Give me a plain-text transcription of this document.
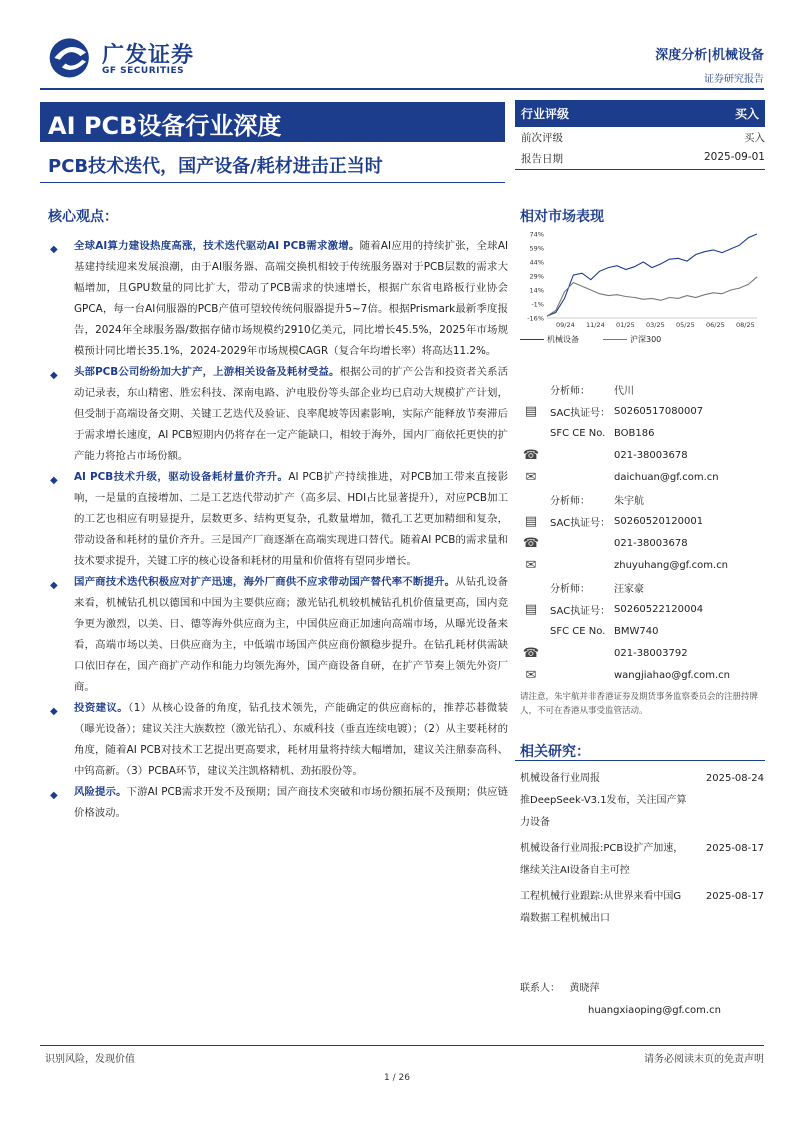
广发证券
GF SECURITIES
深度分析|机械设备
证券研究报告
AI PCB设备行业深度
PCB技术迭代，国产设备/耗材进击正当时
核心观点：
◆ 全球AI算力建设热度高涨，技术迭代驱动AI PCB需求激增。随着AI应用的持续扩张，全球AI基建持续迎来发展浪潮，由于AI服务器、高端交换机相较于传统服务器对于PCB层数的需求大幅增加，且GPU数量的同比扩大，带动了PCB需求的快速增长，根据广东省电路板行业协会GPCA，每一台AI伺服器的PCB产值可望较传统伺服器提升5~7倍。根据Prismark最新季度报告，2024年全球服务器/数据存储市场规模约2910亿美元，同比增长45.5%，2025年市场规模预计同比增长35.1%，2024-2029年市场规模CAGR（复合年均增长率）将高达11.2%。
◆ 头部PCB公司纷纷加大扩产，上游相关设备及耗材受益。根据公司的扩产公告和投资者关系活动记录表，东山精密、胜宏科技、深南电路、沪电股份等头部企业均已启动大规模扩产计划，但受制于高端设备交期、关键工艺迭代及验证、良率爬坡等因素影响，实际产能释放节奏滞后于需求增长速度，AI PCB短期内仍将存在一定产能缺口，相较于海外，国内厂商依托更快的扩产能力将抢占市场份额。
◆ AI PCB技术升级，驱动设备耗材量价齐升。AI PCB扩产持续推进，对PCB加工带来直接影响，一是量的直接增加、二是工艺迭代带动扩产（高多层、HDI占比显著提升），对应PCB加工的工艺也相应有明显提升，层数更多、结构更复杂，孔数量增加，微孔工艺更加精细和复杂，带动设备和耗材的量价齐升。三是国产厂商逐渐在高端实现进口替代。随着AI PCB的需求量和技术要求提升，关键工序的核心设备和耗材的用量和价值将有望同步增长。
◆ 国产商技术迭代积极应对扩产迅速，海外厂商供不应求带动国产替代率不断提升。从钻孔设备来看，机械钻孔机以德国和中国为主要供应商；激光钻孔机较机械钻孔机价值量更高，国内竞争更为激烈，以美、日、德等海外供应商为主，中国供应商正加速向高端市场，从曝光设备来看，高端市场以美、日供应商为主，中低端市场国产供应商份额稳步提升。在钻孔耗材供需缺口依旧存在，国产商扩产动作和能力均领先海外，国产商设备自研，在扩产节奏上领先外资厂商。
◆ 投资建议。（1）从核心设备的角度，钻孔技术领先，产能确定的供应商标的，推荐芯碁微装（曝光设备）；建议关注大族数控（激光钻孔）、东威科技（垂直连续电镀）；（2）从主要耗材的角度，随着AI PCB对技术工艺提出更高要求，耗材用量将持续大幅增加，建议关注鼎泰高科、中钨高新。（3）PCBA环节，建议关注凯格精机、劲拓股份等。
◆ 风险提示。下游AI PCB需求开发不及预期；国产商技术突破和市场份额拓展不及预期；供应链价格波动。
行业评级	买入
前次评级	买入
报告日期	2025-09-01
相对市场表现
74%
59%
44%
29%
14%
-1%
-16%
09/24 11/24 01/25 03/25 05/25 06/25 08/25
机械设备	沪深300
分析师：	代川
▤	SAC执证号： S0260517080007
SFC CE No. BOB186
☎	021-38003678
✉	daichuan@gf.com.cn
分析师：	朱宇航
▤	SAC执证号： S0260520120001
☎	021-38003678
✉	zhuyuhang@gf.com.cn
分析师：	汪家豪
▤	SAC执证号： S0260522120004
SFC CE No. BMW740
☎	021-38003792
✉	wangjiahao@gf.com.cn
请注意，朱宇航并非香港证券及期货事务监察委员会的注册持牌人，不可在香港从事受监管活动。
相关研究：
机械设备行业周报	2025-08-24
推DeepSeek-V3.1发布，关注国产算力设备
机械设备行业周报:PCB设扩产加速，继续关注AI设备自主可控
2025-08-17
工程机械行业跟踪:从世界来看中国G端数据工程机械出口
2025-08-17
联系人： 黄晓萍
huangxiaoping@gf.com.cn
识别风险，发现价值	请务必阅读末页的免责声明
1 / 26
